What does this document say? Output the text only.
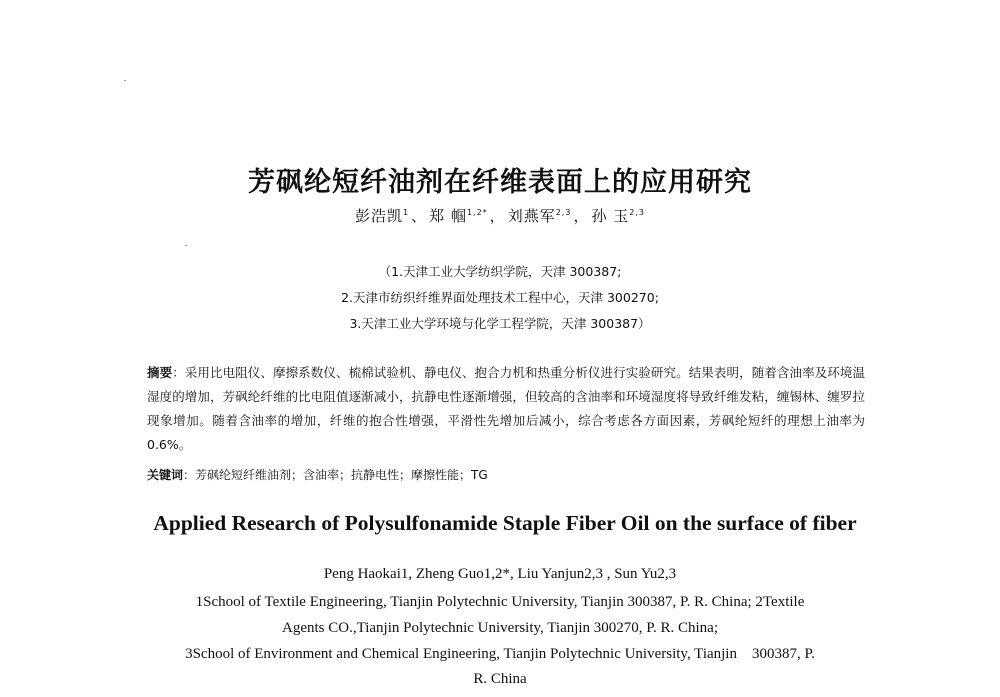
芳砜纶短纤油剂在纤维表面上的应用研究
彭浩凯$^1$ 、 郑 帼$^{1,2*}$ ， 刘燕军$^{2,3}$ ， 孙 玉$^{2,3}$
（1.天津工业大学纺织学院，天津 300387;
2.天津市纺织纤维界面处理技术工程中心，天津 300270;
3.天津工业大学环境与化学工程学院，天津 300387）
摘要：采用比电阻仪、摩擦系数仪、梳棉试验机、静电仪、抱合力机和热重分析仪进行实验研究。结果表明，随着含油率及环境温湿度的增加，芳砜纶纤维的比电阻值逐渐减小，抗静电性逐渐增强，但较高的含油率和环境湿度将导致纤维发粘，缠锡林、缠罗拉现象增加。随着含油率的增加，纤维的抱合性增强，平滑性先增加后减小，综合考虑各方面因素，芳砜纶短纤的理想上油率为0.6%。
关键词：芳砜纶短纤维油剂；含油率；抗静电性；摩擦性能；TG
Applied Research of Polysulfonamide Staple Fiber Oil on the surface of fiber
Peng Haokai1, Zheng Guo1,2*, Liu Yanjun2,3 , Sun Yu2,3
1School of Textile Engineering, Tianjin Polytechnic University, Tianjin 300387, P. R. China; 2Textile
Agents CO.,Tianjin Polytechnic University, Tianjin 300270, P. R. China;
3School of Environment and Chemical Engineering, Tianjin Polytechnic University, Tianjin    300387, P.
R. China
